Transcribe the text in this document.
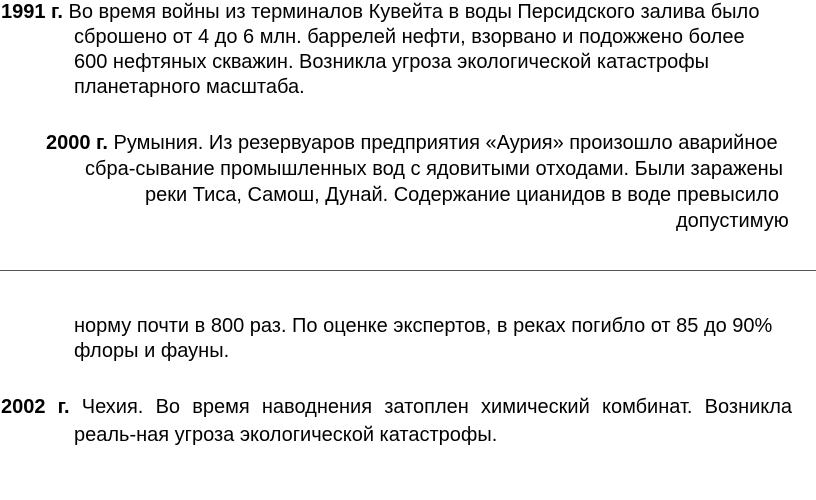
1991 г. Во время войны из терминалов Кувейта в воды Персидского залива было
сброшено от 4 до 6 млн. баррелей нефти, взорвано и подожжено более
600 нефтяных скважин. Возникла угроза экологической катастрофы
планетарного масштаба.
2000 г. Румыния. Из резервуаров предприятия «Аурия» произошло аварийное
сбра-сывание промышленных вод с ядовитыми отходами. Были заражены
реки Тиса, Самош, Дунай. Содержание цианидов в воде превысило
допустимую
норму почти в 800 раз. По оценке экспертов, в реках погибло от 85 до 90%
флоры и фауны.
2002 г. Чехия. Во время наводнения затоплен химический комбинат. Возникла
реаль-ная угроза экологической катастрофы.
